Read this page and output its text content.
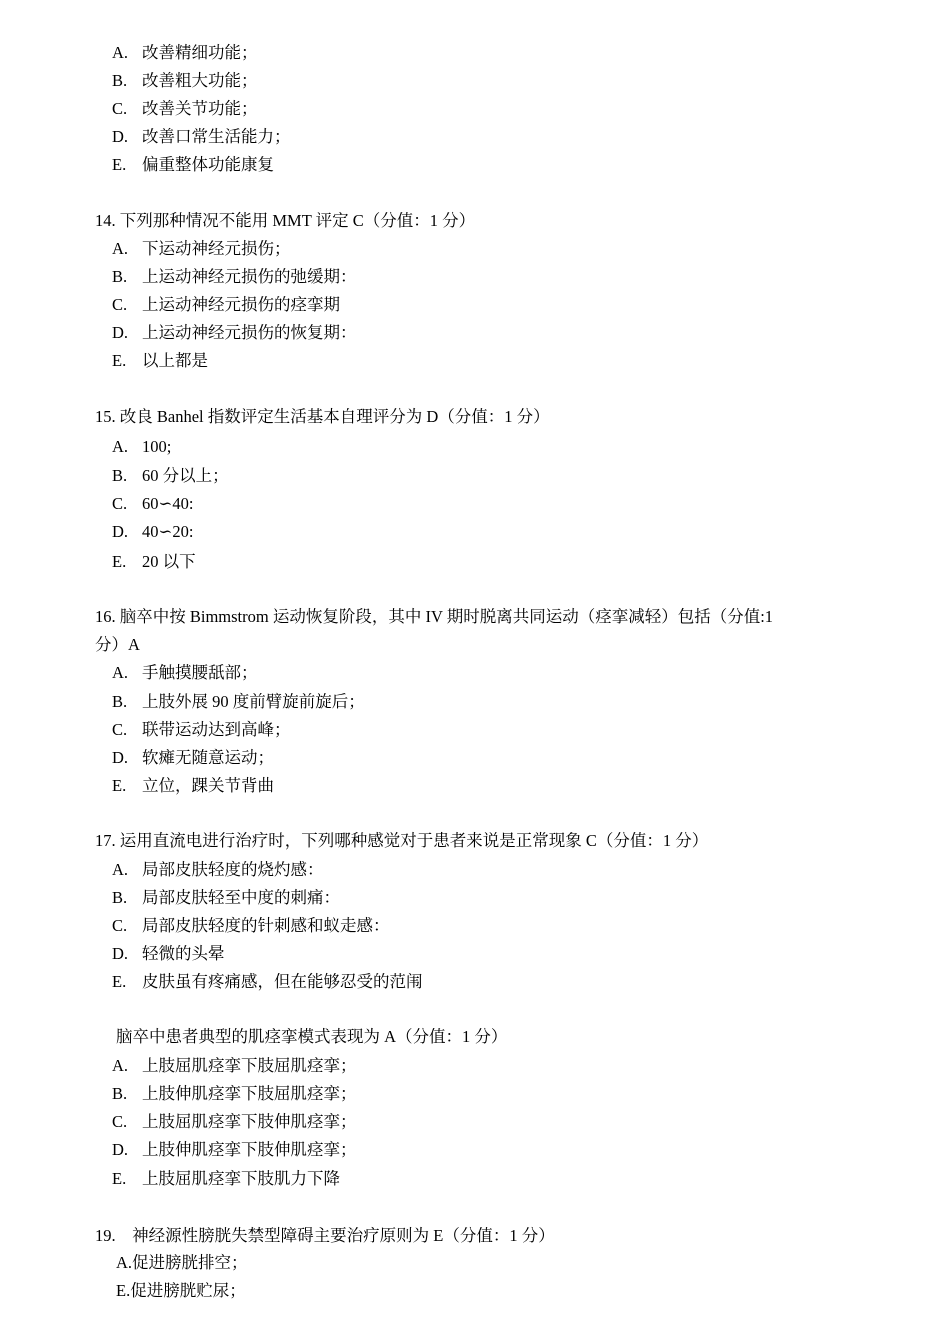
A. 改善精细功能；
B. 改善粗大功能；
C. 改善关节功能；
D. 改善口常生活能力；
E. 偏重整体功能康复
14. 下列那种情况不能用 MMT 评定 C（分值：1 分）
A. 下运动神经元损伤；
B. 上运动神经元损伤的弛缓期：
C. 上运动神经元损伤的痉挛期
D. 上运动神经元损伤的恢复期：
E. 以上都是
15. 改良 Banhel 指数评定生活基本自理评分为 D（分值：1 分）
A. 100;
B. 60 分以上；
C. 60∽40:
D. 40∽20:
E. 20 以下
16. 脑卒中按 Bimmstrom 运动恢复阶段，其中 IV 期时脱离共同运动（痉挛减轻）包括（分值:1
分）A
A. 手触摸腰舐部；
B. 上肢外展 90 度前臂旋前旋后；
C. 联带运动达到高峰；
D. 软瘫无随意运动；
E. 立位，踝关节背曲
17. 运用直流电进行治疗时，下列哪种感觉对于患者来说是正常现象 C（分值：1 分）
A. 局部皮肤轻度的烧灼感：
B. 局部皮肤轻至中度的刺痛：
C. 局部皮肤轻度的针刺感和蚁走感：
D. 轻微的头晕
E. 皮肤虽有疼痛感，但在能够忍受的范闱
脑卒中患者典型的肌痉挛模式表现为 A（分值：1 分）
A. 上肢屈肌痉挛下肢屈肌痉挛；
B. 上肢伸肌痉挛下肢屈肌痉挛；
C. 上肢屈肌痉挛下肢伸肌痉挛；
D. 上肢伸肌痉挛下肢伸肌痉挛；
E. 上肢屈肌痉挛下肢肌力下降
19.　神经源性膀胱失禁型障碍主要治疗原则为 E（分值：1 分）
A.促进膀胱排空；
E.促进膀胱贮尿；
